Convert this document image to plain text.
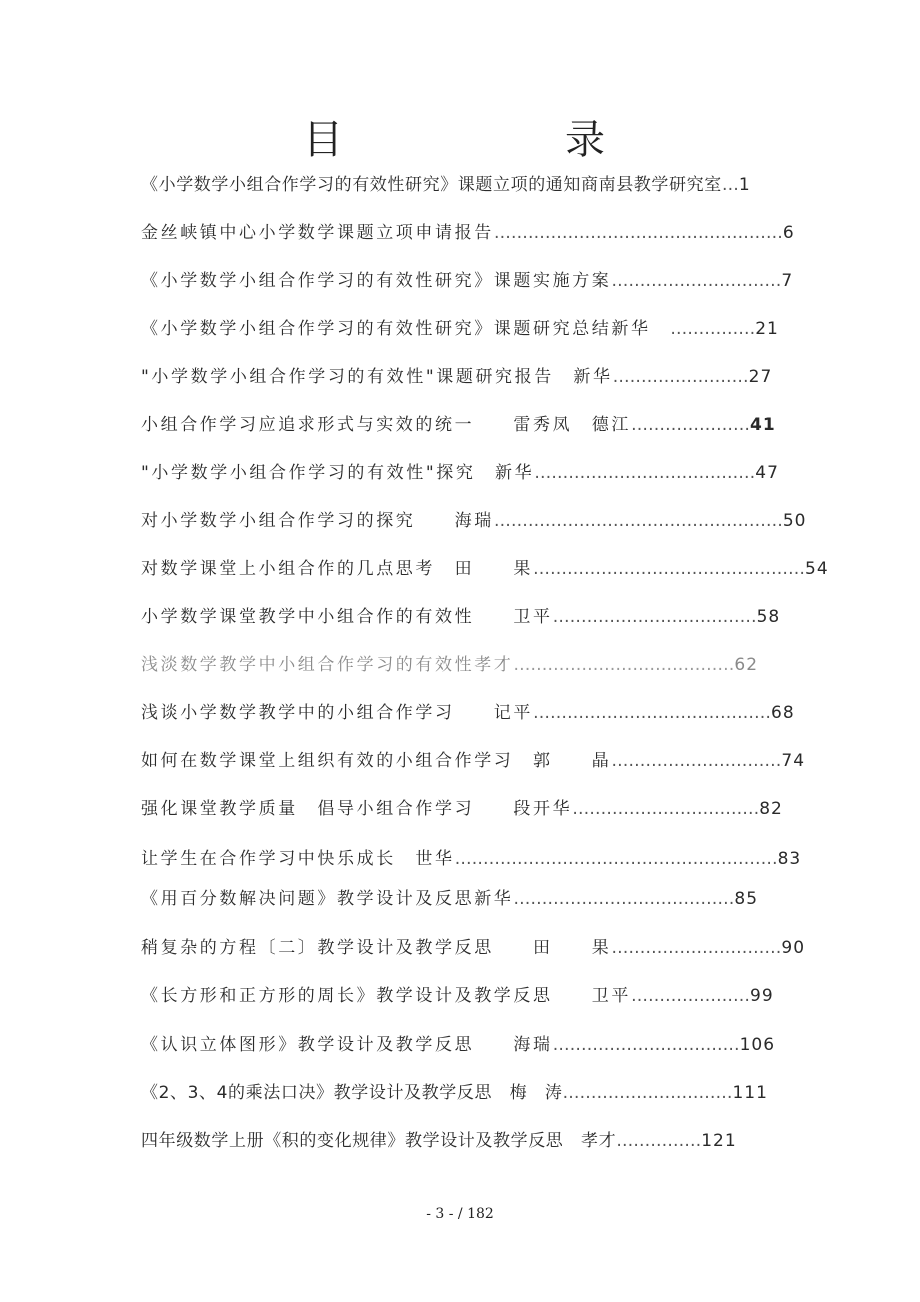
目	录
《小学数学小组合作学习的有效性研究》课题立项的通知商南县教学研究室…1
金丝峡镇中心小学数学课题立项申请报告……………………………………………6
《小学数学小组合作学习的有效性研究》课题实施方案…………………………7
《小学数学小组合作学习的有效性研究》课题研究总结新华　……………21
"小学数学小组合作学习的有效性"课题研究报告　新华……………………27
小组合作学习应追求形式与实效的统一　　雷秀凤　德江…………………41
"小学数学小组合作学习的有效性"探究　新华…………………………………47
对小学数学小组合作学习的探究　　海瑞……………………………………………50
对数学课堂上小组合作的几点思考　田　　果…………………………………………54
小学数学课堂教学中小组合作的有效性　　卫平………………………………58
浅淡数学教学中小组合作学习的有效性孝才…………………………………62
浅谈小学数学教学中的小组合作学习　　记平……………………………………68
如何在数学课堂上组织有效的小组合作学习　郭　　晶…………………………74
强化课堂教学质量　倡导小组合作学习　　段开华……………………………82
让学生在合作学习中快乐成长　世华…………………………………………………83
《用百分数解决问题》教学设计及反思新华…………………………………85
稍复杂的方程〔二〕教学设计及教学反思　　田　　果…………………………90
《长方形和正方形的周长》教学设计及教学反思　　卫平…………………99
《认识立体图形》教学设计及教学反思　　海瑞……………………………106
《2、3、4的乘法口决》教学设计及教学反思　梅　涛…………………………111
四年级数学上册《积的变化规律》教学设计及教学反思　孝才……………121
- 3 - / 182
